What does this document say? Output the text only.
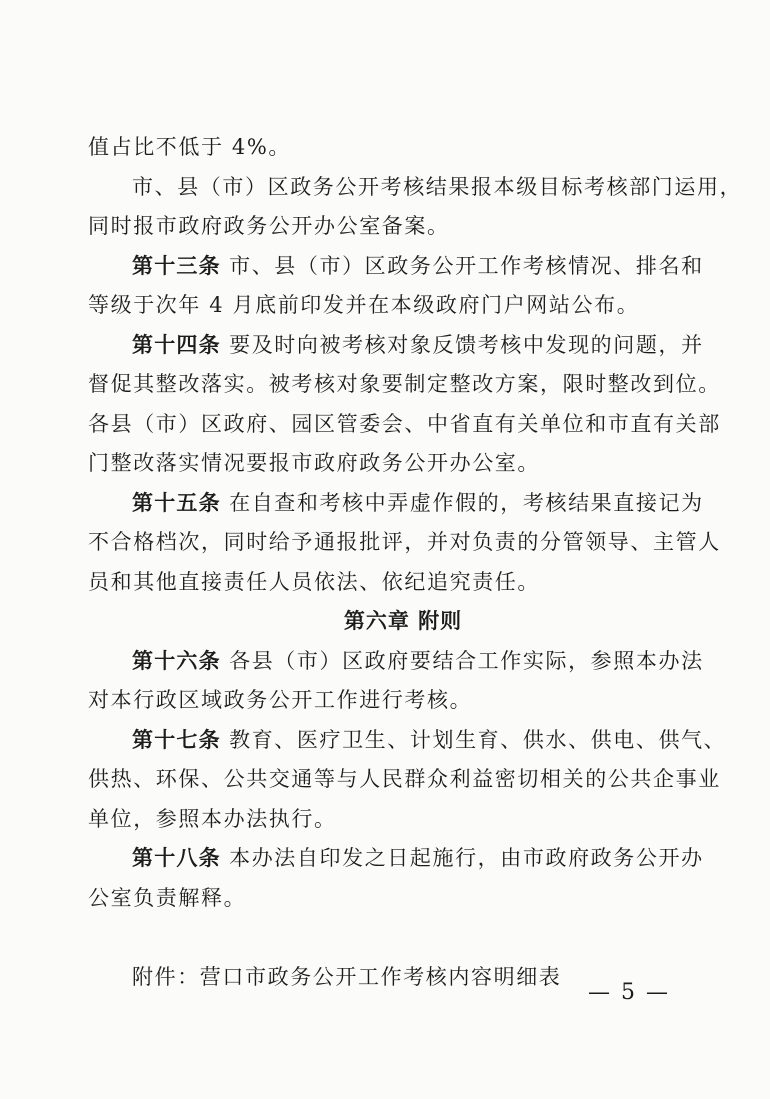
值占比不低于 4%。
市、县（市）区政务公开考核结果报本级目标考核部门运用，
同时报市政府政务公开办公室备案。
第十三条 市、县（市）区政务公开工作考核情况、排名和
等级于次年 4 月底前印发并在本级政府门户网站公布。
第十四条 要及时向被考核对象反馈考核中发现的问题，并
督促其整改落实。被考核对象要制定整改方案，限时整改到位。
各县（市）区政府、园区管委会、中省直有关单位和市直有关部
门整改落实情况要报市政府政务公开办公室。
第十五条 在自查和考核中弄虚作假的，考核结果直接记为
不合格档次，同时给予通报批评，并对负责的分管领导、主管人
员和其他直接责任人员依法、依纪追究责任。
第六章 附则
第十六条 各县（市）区政府要结合工作实际，参照本办法
对本行政区域政务公开工作进行考核。
第十七条 教育、医疗卫生、计划生育、供水、供电、供气、
供热、环保、公共交通等与人民群众利益密切相关的公共企事业
单位，参照本办法执行。
第十八条 本办法自印发之日起施行，由市政府政务公开办
公室负责解释。
附件：营口市政务公开工作考核内容明细表
— 5 —
